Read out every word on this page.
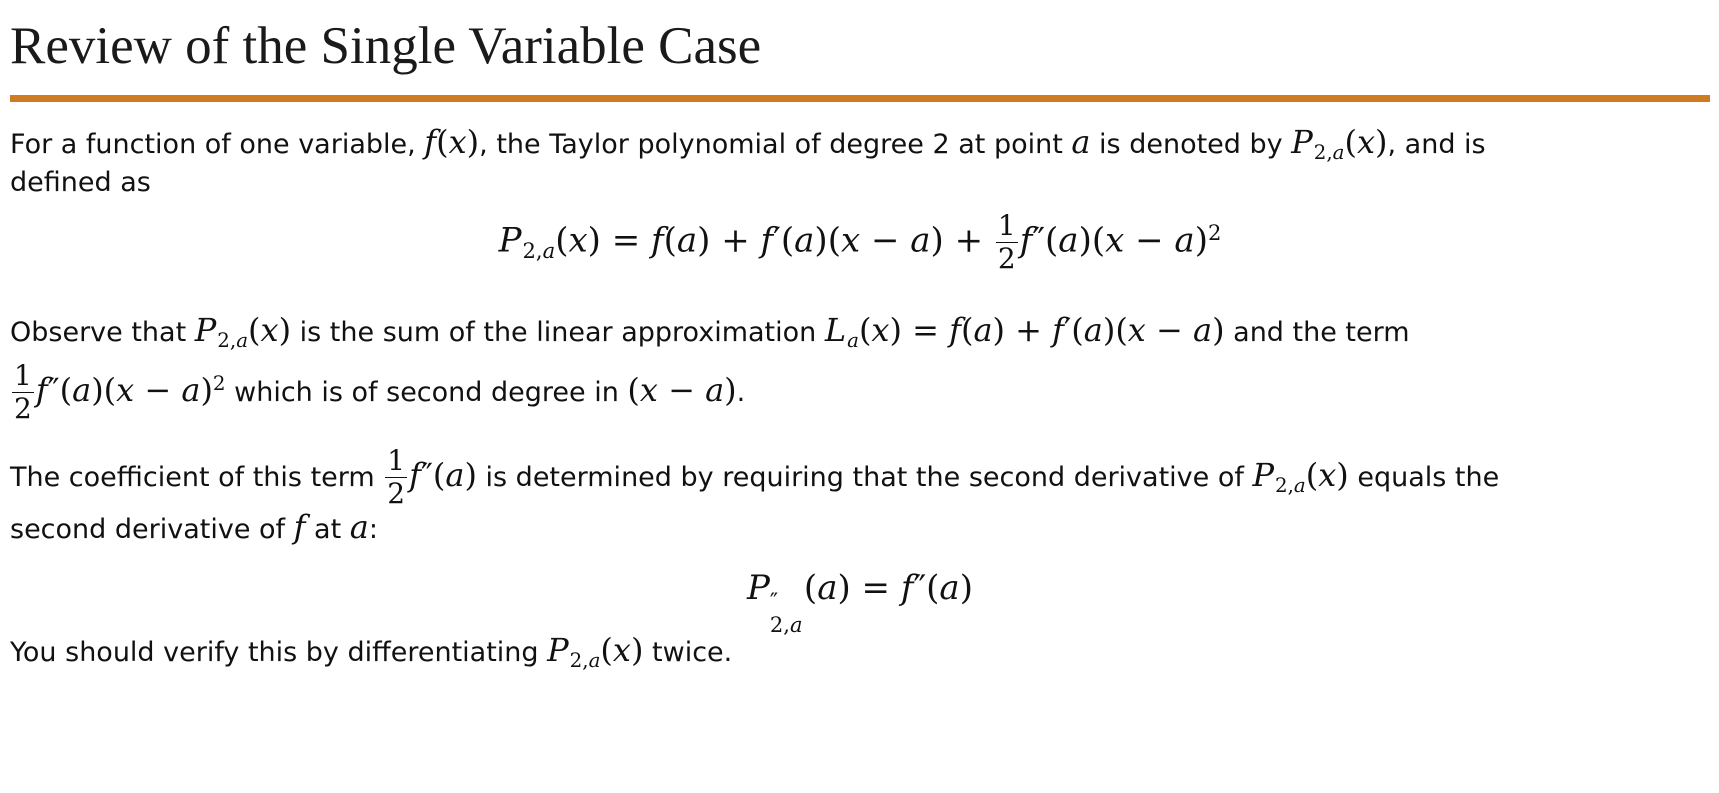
Review of the Single Variable Case
For a function of one variable, f(x), the Taylor polynomial of degree 2 at point a is denoted by P2,a(x), and is
defined as
$P2,a(x) = f(a) + f'(a)(x - a) + \frac{1}{2} f''(a)(x - a)^2$
Observe that P2,a(x) is the sum of the linear approximation La(x) = f(a) + f′(a)(x − a) and the term
$\frac{1}{2} f''(a)(x - a)^2$ which is of second degree in (x − a).
The coefficient of this term $\frac{1}{2} f''(a)$ is determined by requiring that the second derivative of P2,a(x) equals the
second derivative of f at a:
P ″
2,a
(a) = f″(a)
You should verify this by differentiating P2,a(x) twice.
